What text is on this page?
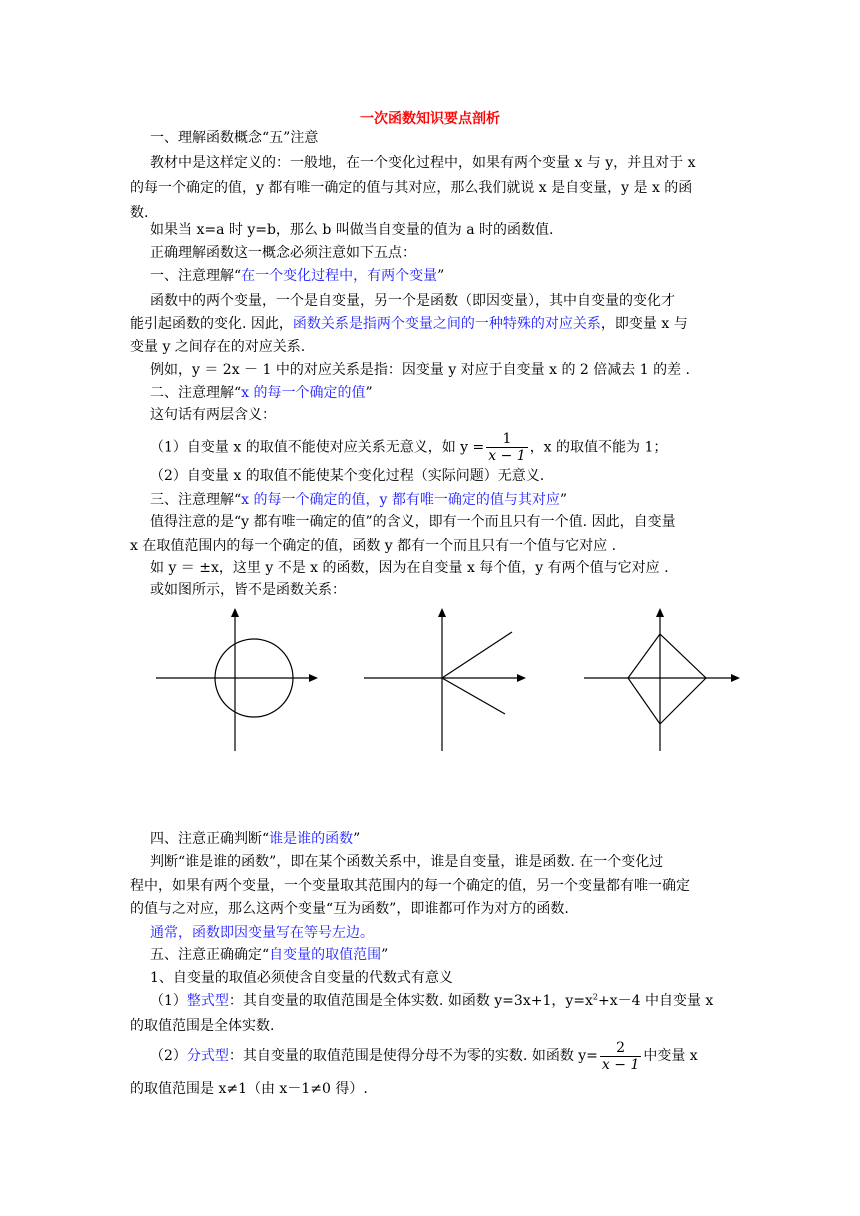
一次函数知识要点剖析
一、理解函数概念“五”注意
教材中是这样定义的：一般地，在一个变化过程中，如果有两个变量 x 与 y，并且对于 x
的每一个确定的值，y 都有唯一确定的值与其对应，那么我们就说 x 是自变量，y 是 x 的函
数.
如果当 x=a 时 y=b，那么 b 叫做当自变量的值为 a 时的函数值.
正确理解函数这一概念必须注意如下五点：
一、注意理解“在一个变化过程中，有两个变量”
函数中的两个变量，一个是自变量，另一个是函数（即因变量），其中自变量的变化才
能引起函数的变化. 因此，函数关系是指两个变量之间的一种特殊的对应关系，即变量 x 与
变量 y 之间存在的对应关系.
例如，y ＝ 2x － 1 中的对应关系是指：因变量 y 对应于自变量 x 的 2 倍减去 1 的差 .
二、注意理解“x 的每一个确定的值”
这句话有两层含义：
（1）自变量 x 的取值不能使对应关系无意义，如 $y = \frac{1}{x - 1}$ ，x 的取值不能为 1；
（2）自变量 x 的取值不能使某个变化过程（实际问题）无意义.
三、注意理解“x 的每一个确定的值，y 都有唯一确定的值与其对应”
值得注意的是“y 都有唯一确定的值”的含义，即有一个而且只有一个值. 因此，自变量
x 在取值范围内的每一个确定的值，函数 y 都有一个而且只有一个值与它对应 .
如 y ＝ ±x，这里 y 不是 x 的函数，因为在自变量 x 每个值，y 有两个值与它对应 .
或如图所示，皆不是函数关系：
四、注意正确判断“谁是谁的函数”
判断“谁是谁的函数”，即在某个函数关系中，谁是自变量，谁是函数. 在一个变化过
程中，如果有两个变量，一个变量取其范围内的每一个确定的值，另一个变量都有唯一确定
的值与之对应，那么这两个变量“互为函数”，即谁都可作为对方的函数.
通常，函数即因变量写在等号左边。
五、注意正确确定“自变量的取值范围”
1、自变量的取值必须使含自变量的代数式有意义
（1）整式型：其自变量的取值范围是全体实数. 如函数 y=3x+1，$y=x^2+x-4$ 中自变量 x
的取值范围是全体实数.
（2）分式型：其自变量的取值范围是使得分母不为零的实数. 如函数 $y= \frac{2}{x - 1}$ 中变量 x
的取值范围是 x≠1（由 x－1≠0 得）.
